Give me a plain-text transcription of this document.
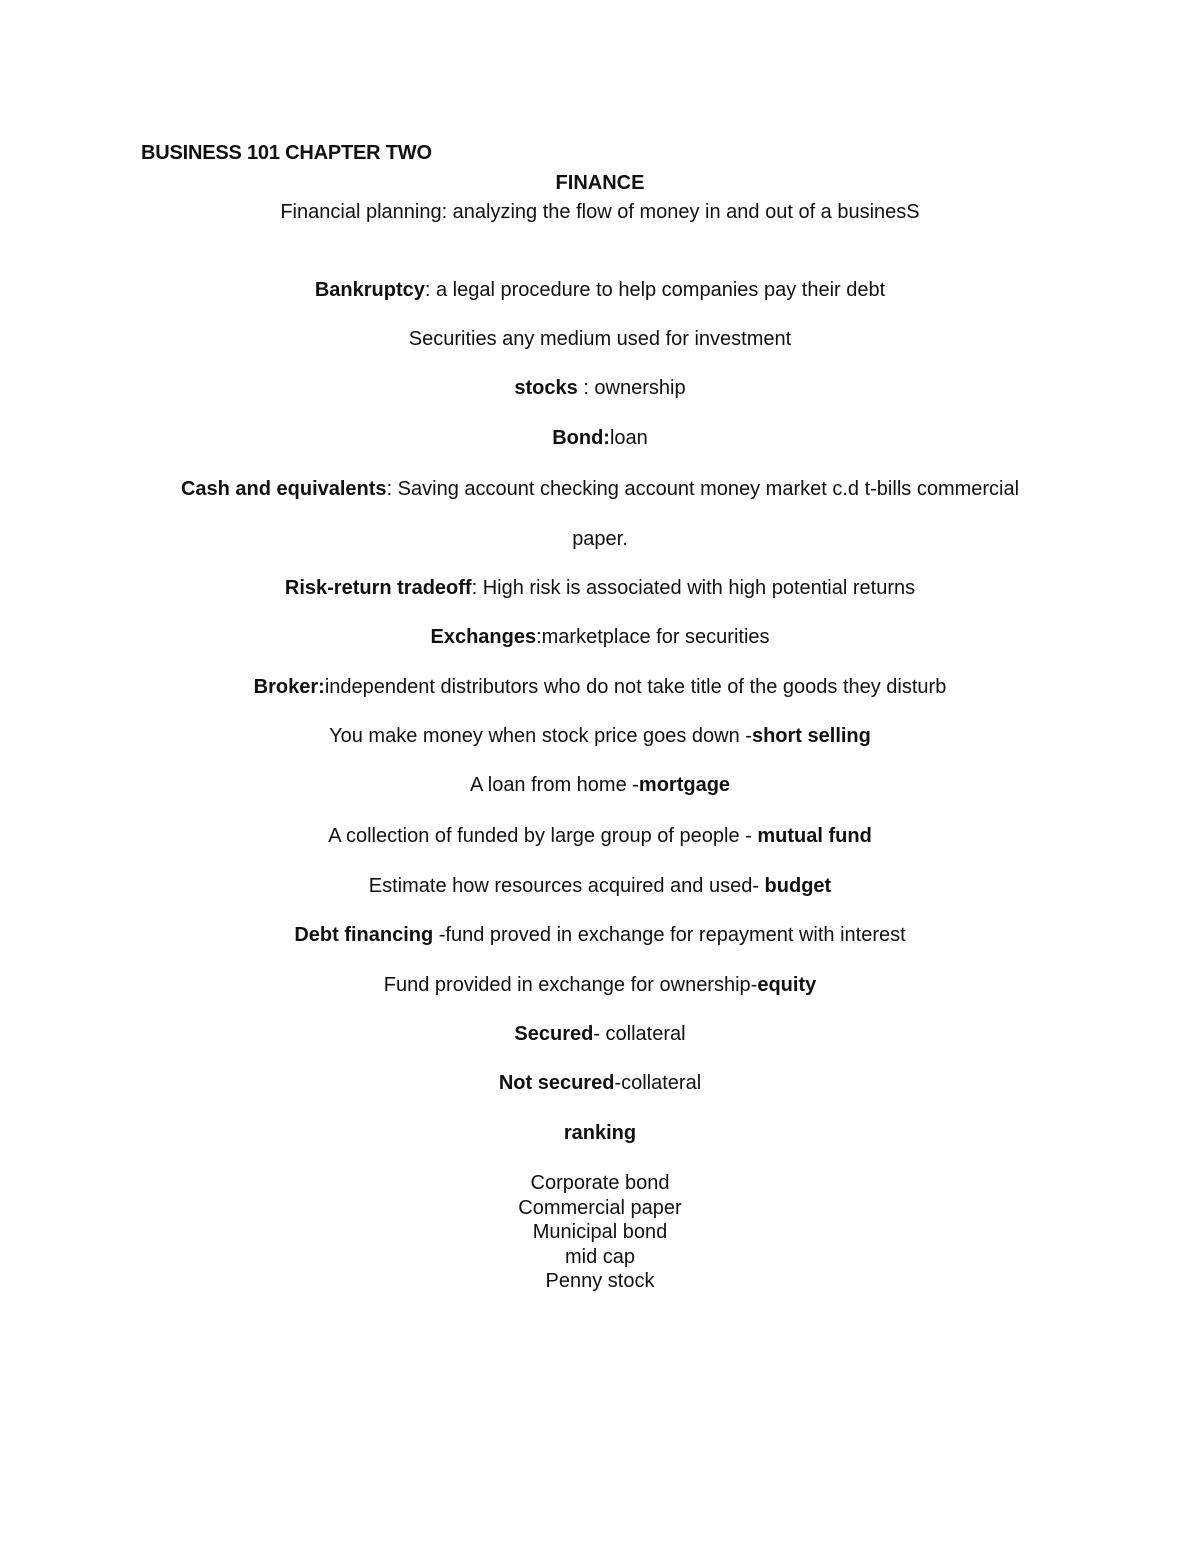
BUSINESS 101 CHAPTER TWO
FINANCE
Financial planning: analyzing the flow of money in and out of a businesS
Bankruptcy: a legal procedure to help companies pay their debt
Securities any medium used for investment
stocks : ownership
Bond:loan
Cash and equivalents: Saving account checking account money market c.d t-bills commercial
paper.
Risk-return tradeoff: High risk is associated with high potential returns
Exchanges:marketplace for securities
Broker:independent distributors who do not take title of the goods they disturb
You make money when stock price goes down -short selling
A loan from home -mortgage
A collection of funded by large group of people - mutual fund
Estimate how resources acquired and used- budget
Debt financing -fund proved in exchange for repayment with interest
Fund provided in exchange for ownership-equity
Secured- collateral
Not secured-collateral
ranking
Corporate bond
Commercial paper
Municipal bond
mid cap
Penny stock
